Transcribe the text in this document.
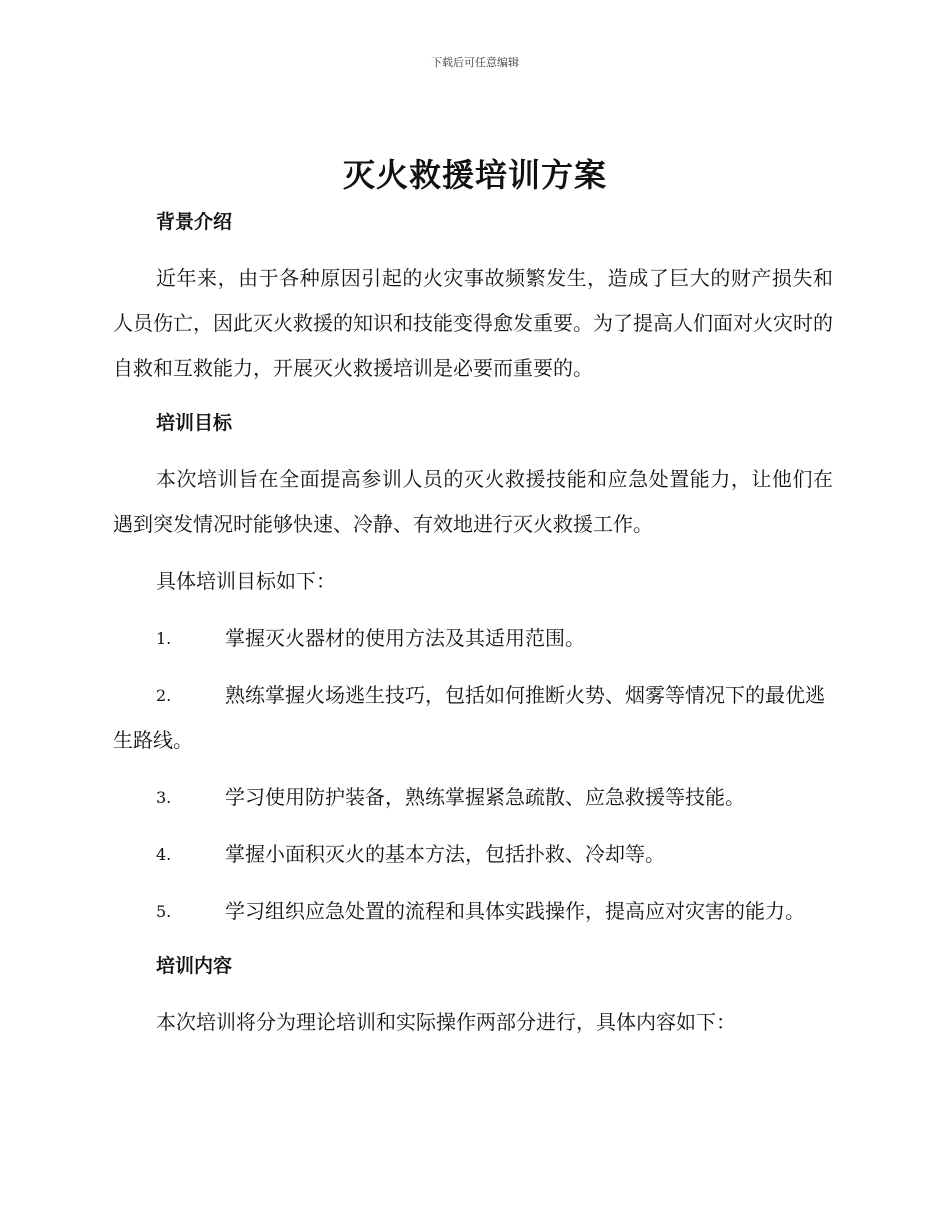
下载后可任意编辑
灭火救援培训方案

背景介绍

近年来，由于各种原因引起的火灾事故频繁发生，造成了巨大的财产损失和人员伤亡，因此灭火救援的知识和技能变得愈发重要。为了提高人们面对火灾时的自救和互救能力，开展灭火救援培训是必要而重要的。

培训目标

本次培训旨在全面提高参训人员的灭火救援技能和应急处置能力，让他们在遇到突发情况时能够快速、冷静、有效地进行灭火救援工作。

具体培训目标如下：

1.	掌握灭火器材的使用方法及其适用范围。
2.	熟练掌握火场逃生技巧，包括如何推断火势、烟雾等情况下的最优逃生路线。
3.	学习使用防护装备，熟练掌握紧急疏散、应急救援等技能。
4.	掌握小面积灭火的基本方法，包括扑救、冷却等。
5.	学习组织应急处置的流程和具体实践操作，提高应对灾害的能力。

培训内容

本次培训将分为理论培训和实际操作两部分进行，具体内容如下：
